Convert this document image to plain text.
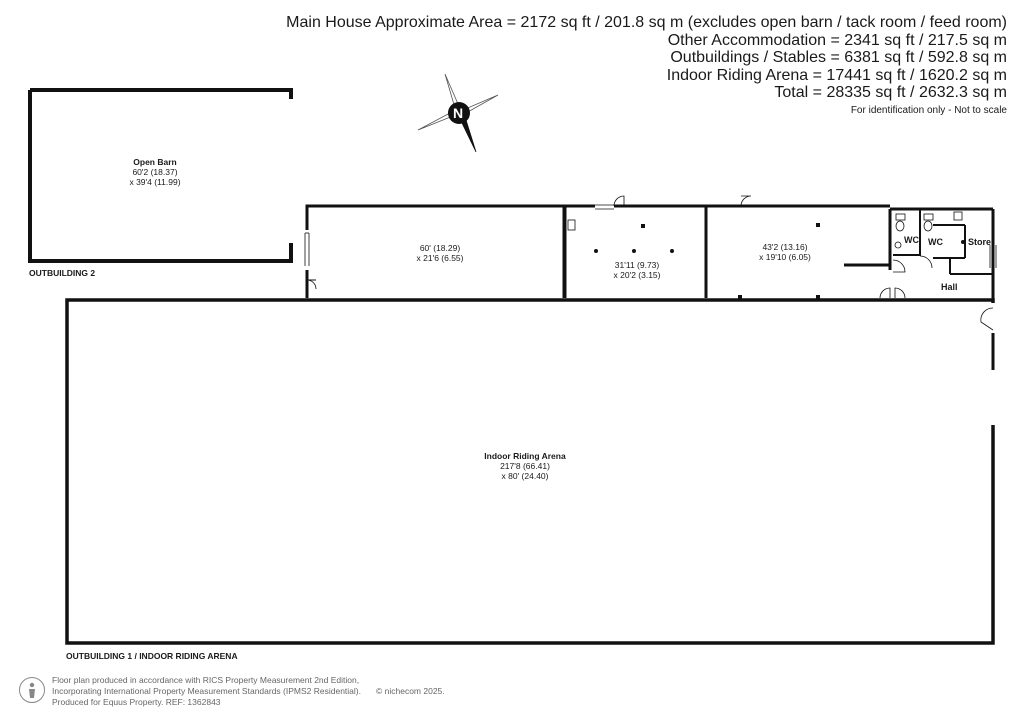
Main House Approximate Area = 2172 sq ft / 201.8 sq m (excludes open barn / tack room / feed room)
Other Accommodation = 2341 sq ft / 217.5 sq m
Outbuildings / Stables = 6381 sq ft / 592.8 sq m
Indoor Riding Arena = 17441 sq ft / 1620.2 sq m
Total = 28335 sq ft / 2632.3 sq m
For identification only - Not to scale
Open Barn
60'2 (18.37)
x 39'4 (11.99)
60' (18.29)
x 21'6 (6.55)
31'11 (9.73)
x 20'2 (3.15)
43'2 (13.16)
x 19'10 (6.05)
WC WC	Store
Hall
Indoor Riding Arena
217'8 (66.41)
x 80' (24.40)
OUTBUILDING 2
OUTBUILDING 1 / INDOOR RIDING ARENA
N
Floor plan produced in accordance with RICS Property Measurement 2nd Edition,
Incorporating International Property Measurement Standards (IPMS2 Residential).
Produced for Equus Property. REF: 1362843
© nichecom 2025.
